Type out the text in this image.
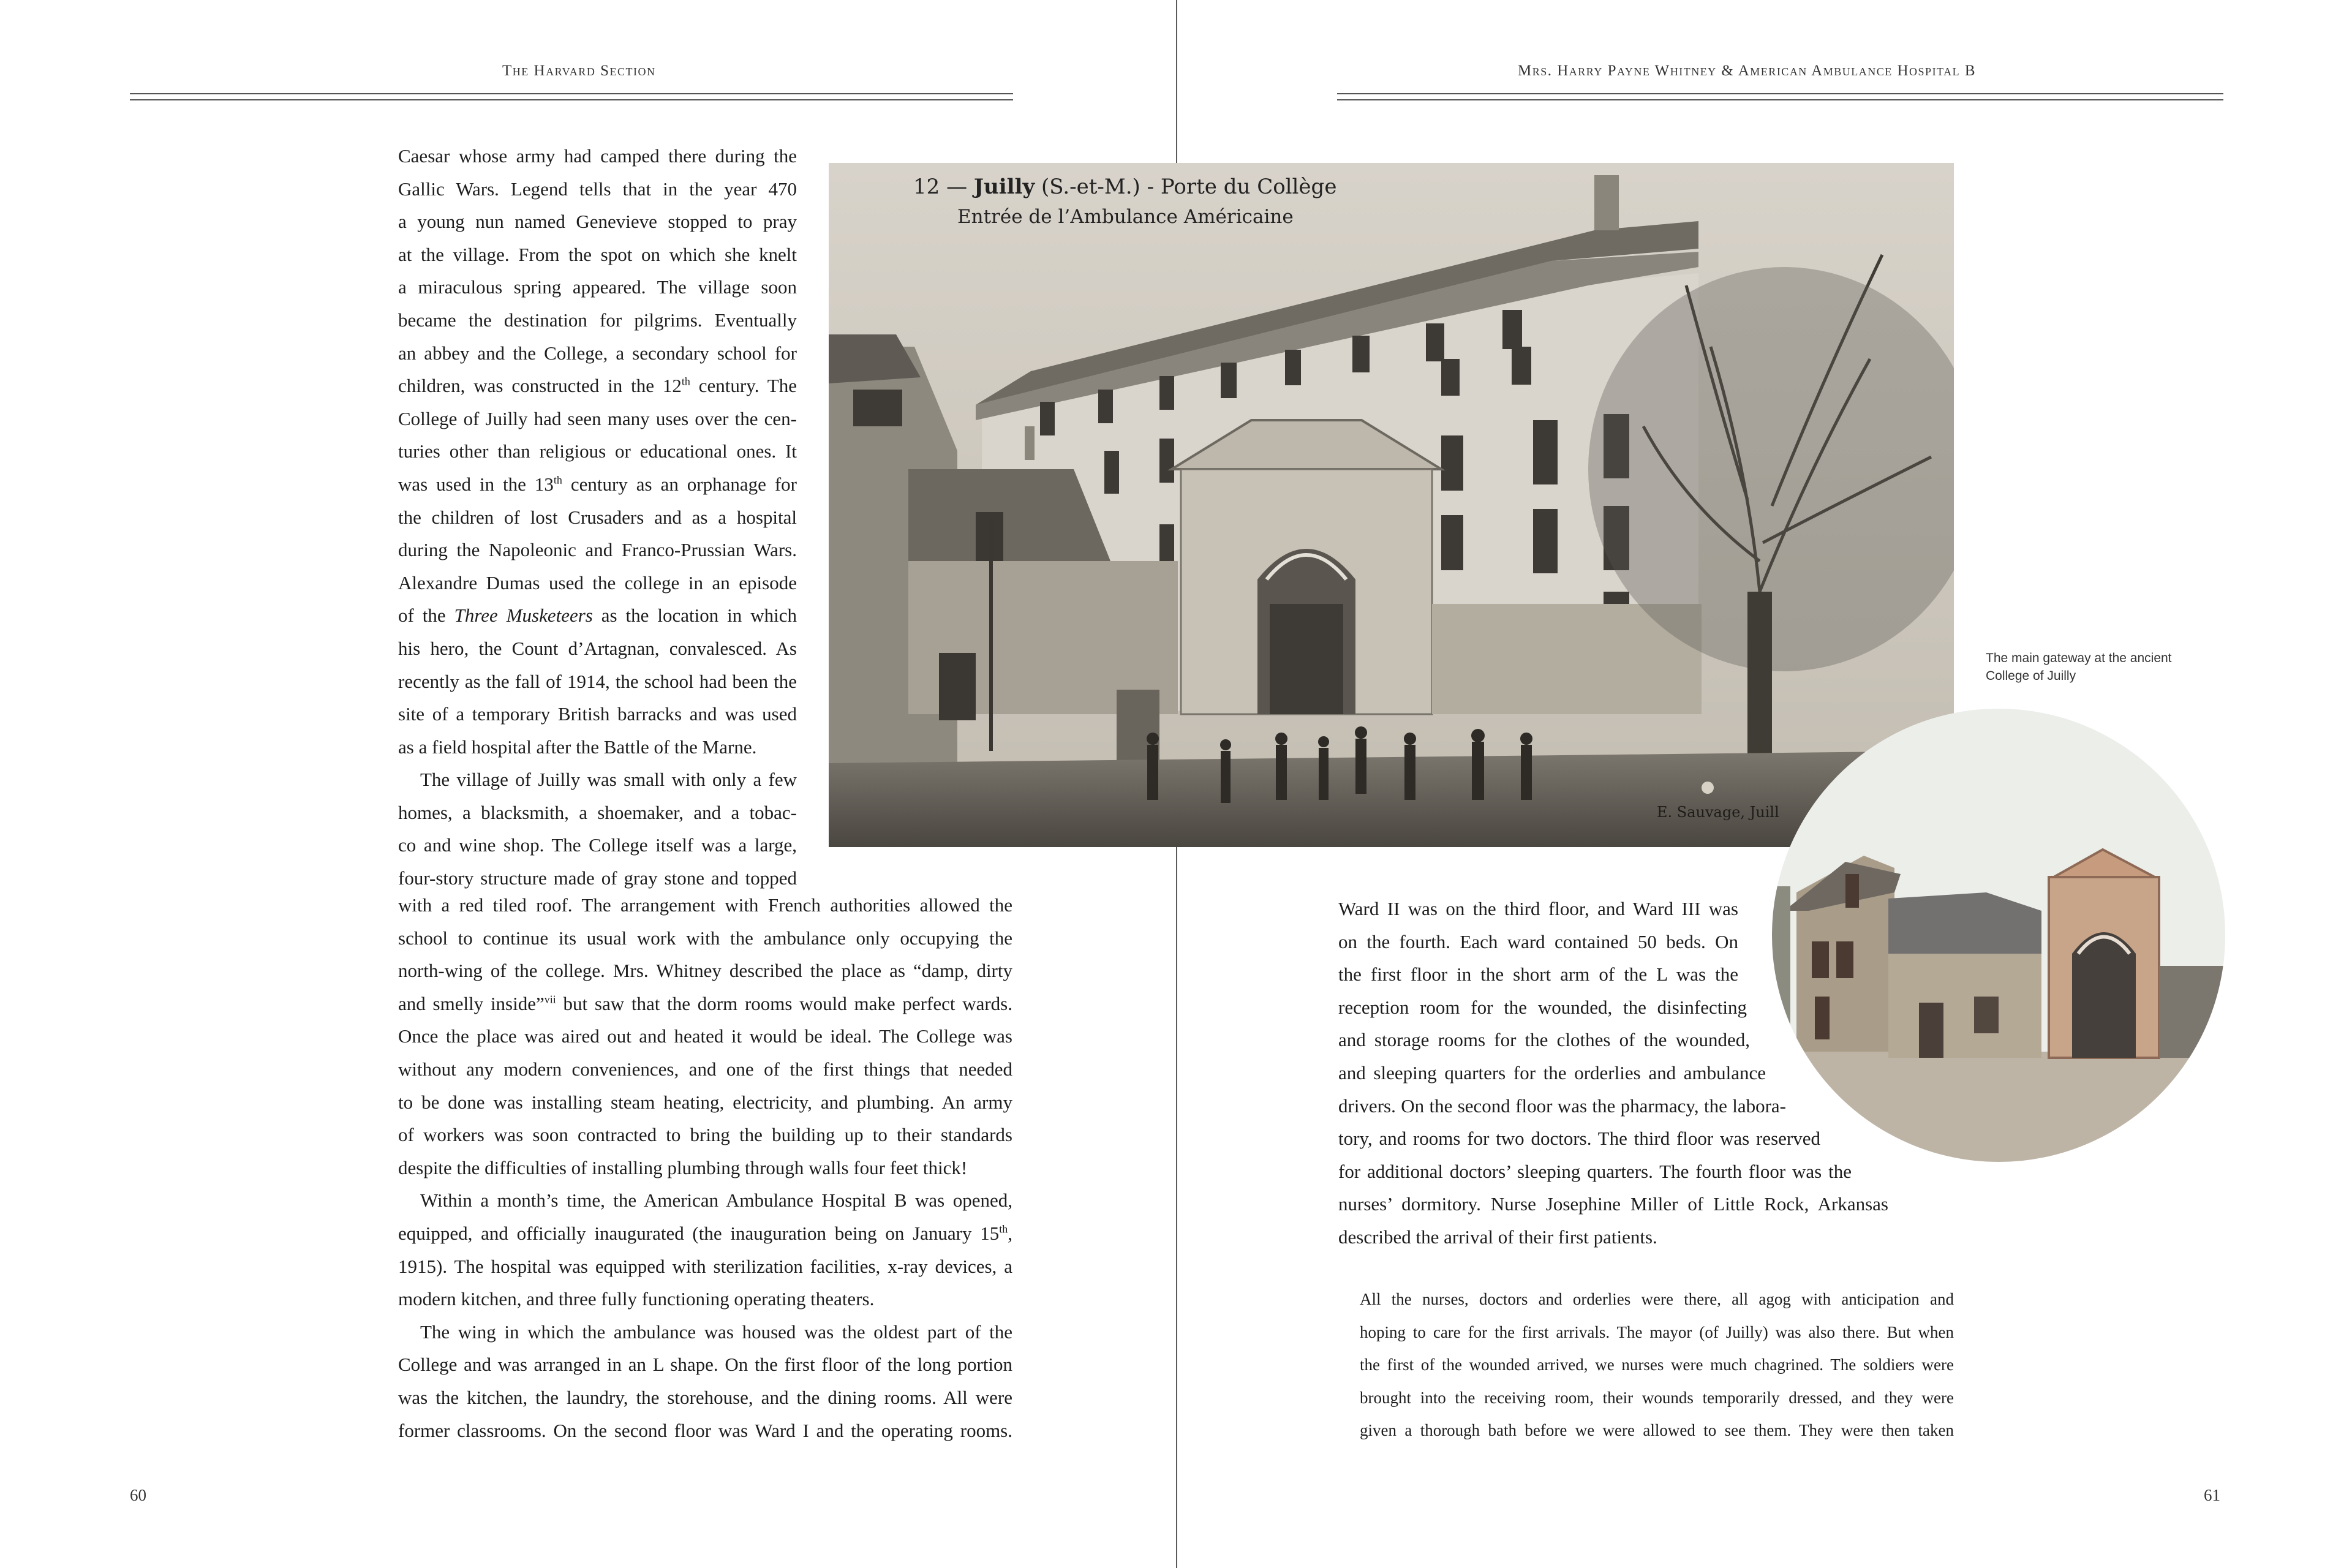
The Harvard Section
Caesar whose army had camped there during the
Gallic Wars. Legend tells that in the year 470
a young nun named Genevieve stopped to pray
at the village. From the spot on which she knelt
a miraculous spring appeared. The village soon
became the destination for pilgrims. Eventually
an abbey and the College, a secondary school for
children, was constructed in the 12th century. The
College of Juilly had seen many uses over the cen-
turies other than religious or educational ones. It
was used in the 13th century as an orphanage for
the children of lost Crusaders and as a hospital
during the Napoleonic and Franco-Prussian Wars.
Alexandre Dumas used the college in an episode
of the Three Musketeers as the location in which
his hero, the Count d’Artagnan, convalesced. As
recently as the fall of 1914, the school had been the
site of a temporary British barracks and was used
as a field hospital after the Battle of the Marne.
The village of Juilly was small with only a few
homes, a blacksmith, a shoemaker, and a tobac-
co and wine shop. The College itself was a large,
four-story structure made of gray stone and topped
with a red tiled roof. The arrangement with French authorities allowed the
school to continue its usual work with the ambulance only occupying the
north-wing of the college. Mrs. Whitney described the place as “damp, dirty
and smelly inside”$^{vii}$ but saw that the dorm rooms would make perfect wards.
Once the place was aired out and heated it would be ideal. The College was
without any modern conveniences, and one of the first things that needed
to be done was installing steam heating, electricity, and plumbing. An army
of workers was soon contracted to bring the building up to their standards
despite the difficulties of installing plumbing through walls four feet thick!
Within a month’s time, the American Ambulance Hospital B was opened,
equipped, and officially inaugurated (the inauguration being on January 15th,
1915). The hospital was equipped with sterilization facilities, x-ray devices, a
modern kitchen, and three fully functioning operating theaters.
The wing in which the ambulance was housed was the oldest part of the
College and was arranged in an L shape. On the first floor of the long portion
was the kitchen, the laundry, the storehouse, and the dining rooms. All were
former classrooms. On the second floor was Ward I and the operating rooms.
60
Mrs. Harry Payne Whitney & American Ambulance Hospital B
12 — Juilly (S.-et-M.) - Porte du Collège
Entrée de l’Ambulance Américaine
E. Sauvage, Juill
The main gateway at the ancient
College of Juilly
Ward II was on the third floor, and Ward III was
on the fourth. Each ward contained 50 beds. On
the first floor in the short arm of the L was the
reception room for the wounded, the disinfecting
and storage rooms for the clothes of the wounded,
and sleeping quarters for the orderlies and ambulance
drivers. On the second floor was the pharmacy, the labora-
tory, and rooms for two doctors. The third floor was reserved
for additional doctors’ sleeping quarters. The fourth floor was the
nurses’ dormitory. Nurse Josephine Miller of Little Rock, Arkansas
described the arrival of their first patients.
All the nurses, doctors and orderlies were there, all agog with anticipation and
hoping to care for the first arrivals. The mayor (of Juilly) was also there. But when
the first of the wounded arrived, we nurses were much chagrined. The soldiers were
brought into the receiving room, their wounds temporarily dressed, and they were
given a thorough bath before we were allowed to see them. They were then taken
61
